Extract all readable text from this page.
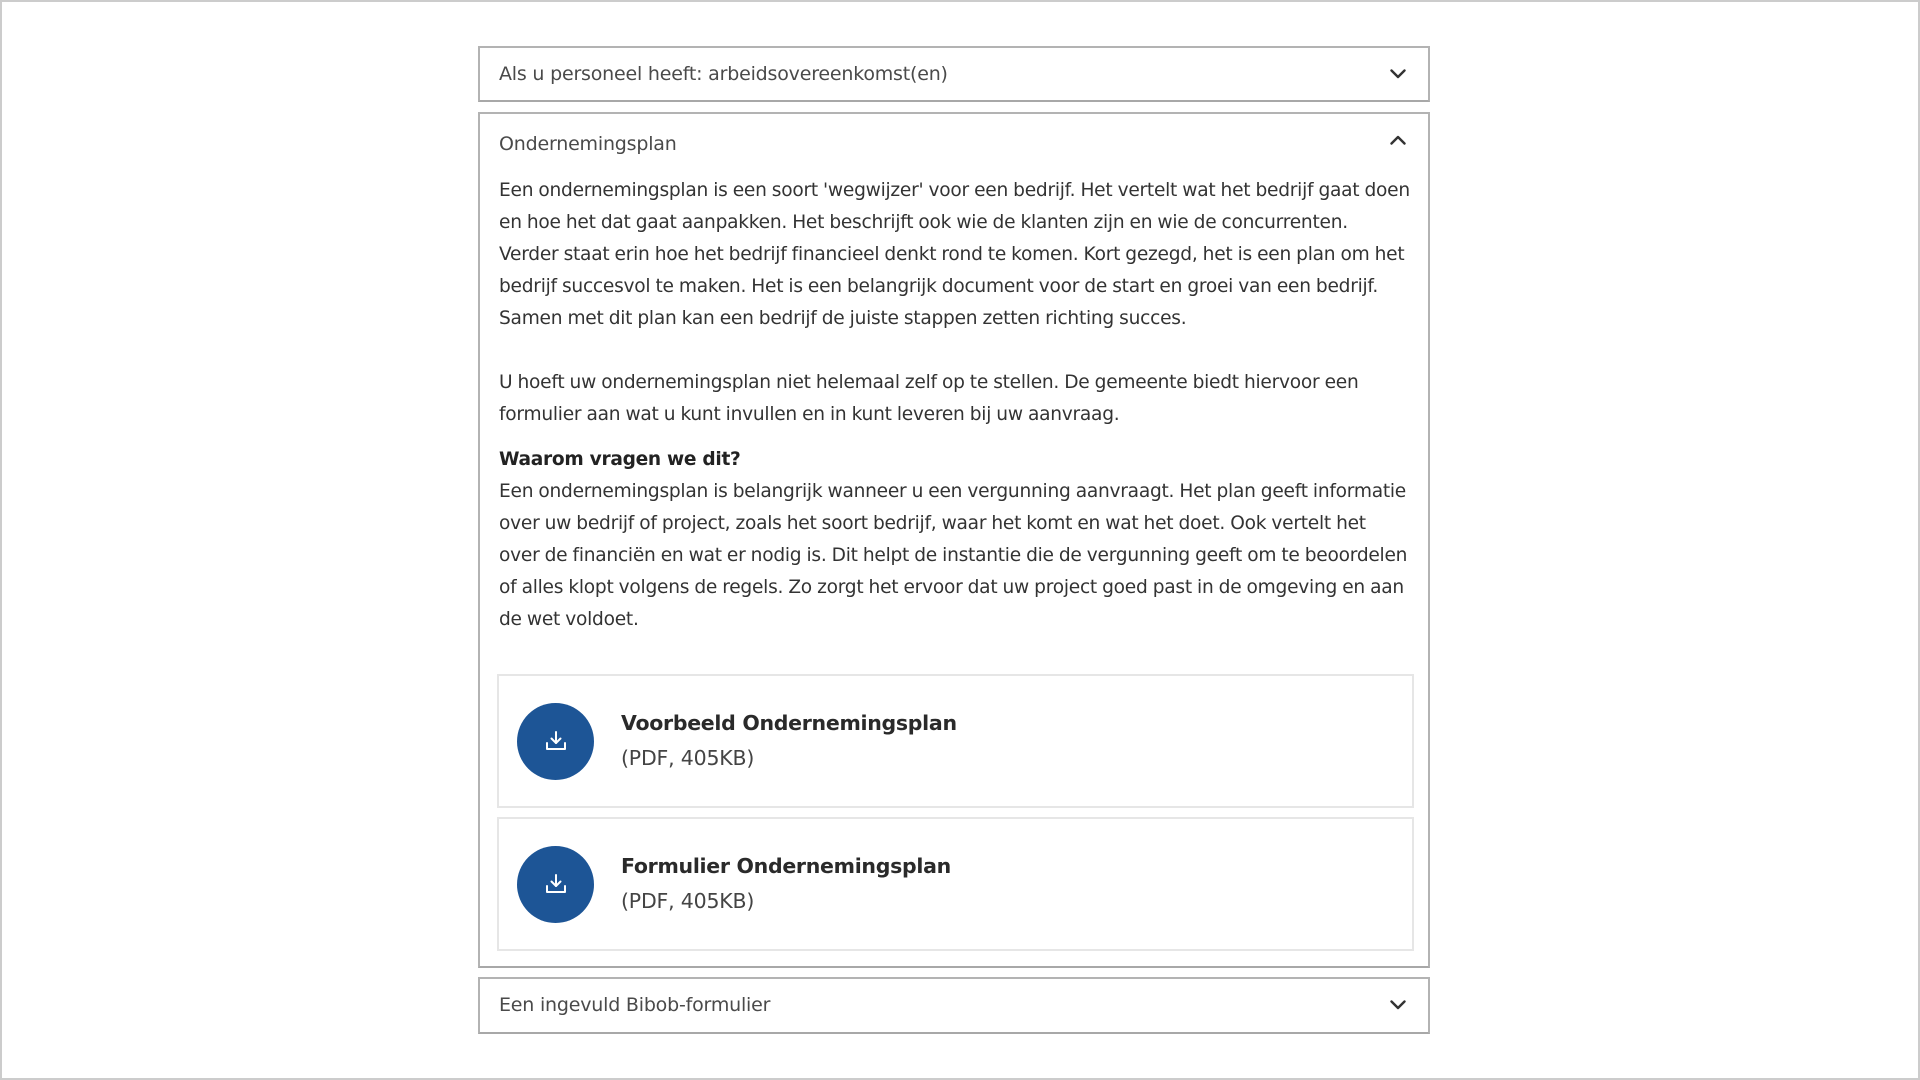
Als u personeel heeft: arbeidsovereenkomst(en)
Ondernemingsplan

Een ondernemingsplan is een soort 'wegwijzer' voor een bedrijf. Het vertelt wat het bedrijf gaat doen en hoe het dat gaat aanpakken. Het beschrijft ook wie de klanten zijn en wie de concurrenten. Verder staat erin hoe het bedrijf financieel denkt rond te komen. Kort gezegd, het is een plan om het bedrijf succesvol te maken. Het is een belangrijk document voor de start en groei van een bedrijf. Samen met dit plan kan een bedrijf de juiste stappen zetten richting succes.

U hoeft uw ondernemingsplan niet helemaal zelf op te stellen. De gemeente biedt hiervoor een formulier aan wat u kunt invullen en in kunt leveren bij uw aanvraag.

Waarom vragen we dit?

Een ondernemingsplan is belangrijk wanneer u een vergunning aanvraagt. Het plan geeft informatie over uw bedrijf of project, zoals het soort bedrijf, waar het komt en wat het doet. Ook vertelt het over de financiën en wat er nodig is. Dit helpt de instantie die de vergunning geeft om te beoordelen of alles klopt volgens de regels. Zo zorgt het ervoor dat uw project goed past in de omgeving en aan de wet voldoet.

Voorbeeld Ondernemingsplan
(PDF, 405KB)
Formulier Ondernemingsplan
(PDF, 405KB)
Een ingevuld Bibob-formulier
